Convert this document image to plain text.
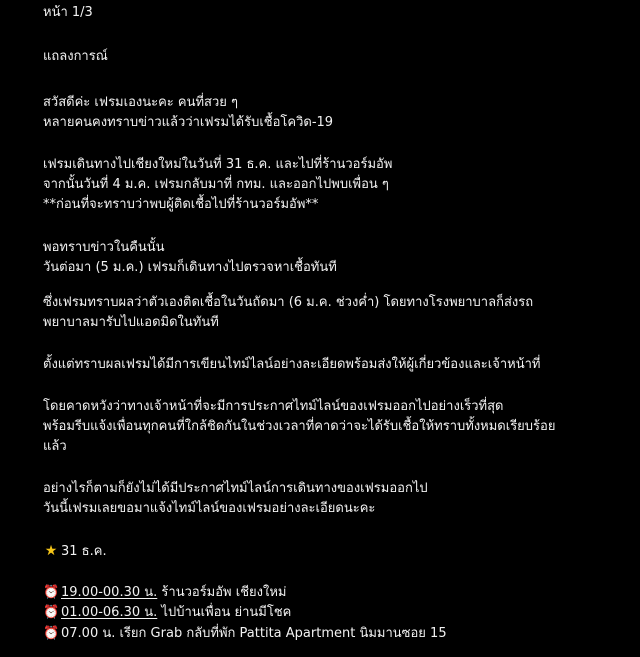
หน้า 1/3
แถลงการณ์
สวัสดีค่ะ เฟรมเองนะคะ คนที่สวย ๆ
หลายคนคงทราบข่าวแล้วว่าเฟรมได้รับเชื้อโควิด-19
เฟรมเดินทางไปเชียงใหม่ในวันที่ 31 ธ.ค. และไปที่ร้านวอร์มอัพ
จากนั้นวันที่ 4 ม.ค. เฟรมกลับมาที่ กทม. และออกไปพบเพื่อน ๆ
**ก่อนที่จะทราบว่าพบผู้ติดเชื้อไปที่ร้านวอร์มอัพ**
พอทราบข่าวในคืนนั้น
วันต่อมา (5 ม.ค.) เฟรมก็เดินทางไปตรวจหาเชื้อทันที
ซึ่งเฟรมทราบผลว่าตัวเองติดเชื้อในวันถัดมา (6 ม.ค. ช่วงค่ำ) โดยทางโรงพยาบาลก็ส่งรถ
พยาบาลมารับไปแอดมิดในทันที
ตั้งแต่ทราบผลเฟรมได้มีการเขียนไทม์ไลน์อย่างละเอียดพร้อมส่งให้ผู้เกี่ยวข้องและเจ้าหน้าที่
โดยคาดหวังว่าทางเจ้าหน้าที่จะมีการประกาศไทม์ไลน์ของเฟรมออกไปอย่างเร็วที่สุด
พร้อมรีบแจ้งเพื่อนทุกคนที่ใกล้ชิดกันในช่วงเวลาที่คาดว่าจะได้รับเชื้อให้ทราบทั้งหมดเรียบร้อย
แล้ว
อย่างไรก็ตามก็ยังไม่ได้มีประกาศไทม์ไลน์การเดินทางของเฟรมออกไป
วันนี้เฟรมเลยขอมาแจ้งไทม์ไลน์ของเฟรมอย่างละเอียดนะคะ
★ 31 ธ.ค.
⏰ 19.00-00.30 น. ร้านวอร์มอัพ เชียงใหม่
⏰ 01.00-06.30 น. ไปบ้านเพื่อน ย่านมีโชค
⏰ 07.00 น. เรียก Grab กลับที่พัก Pattita Apartment นิมมานซอย 15
